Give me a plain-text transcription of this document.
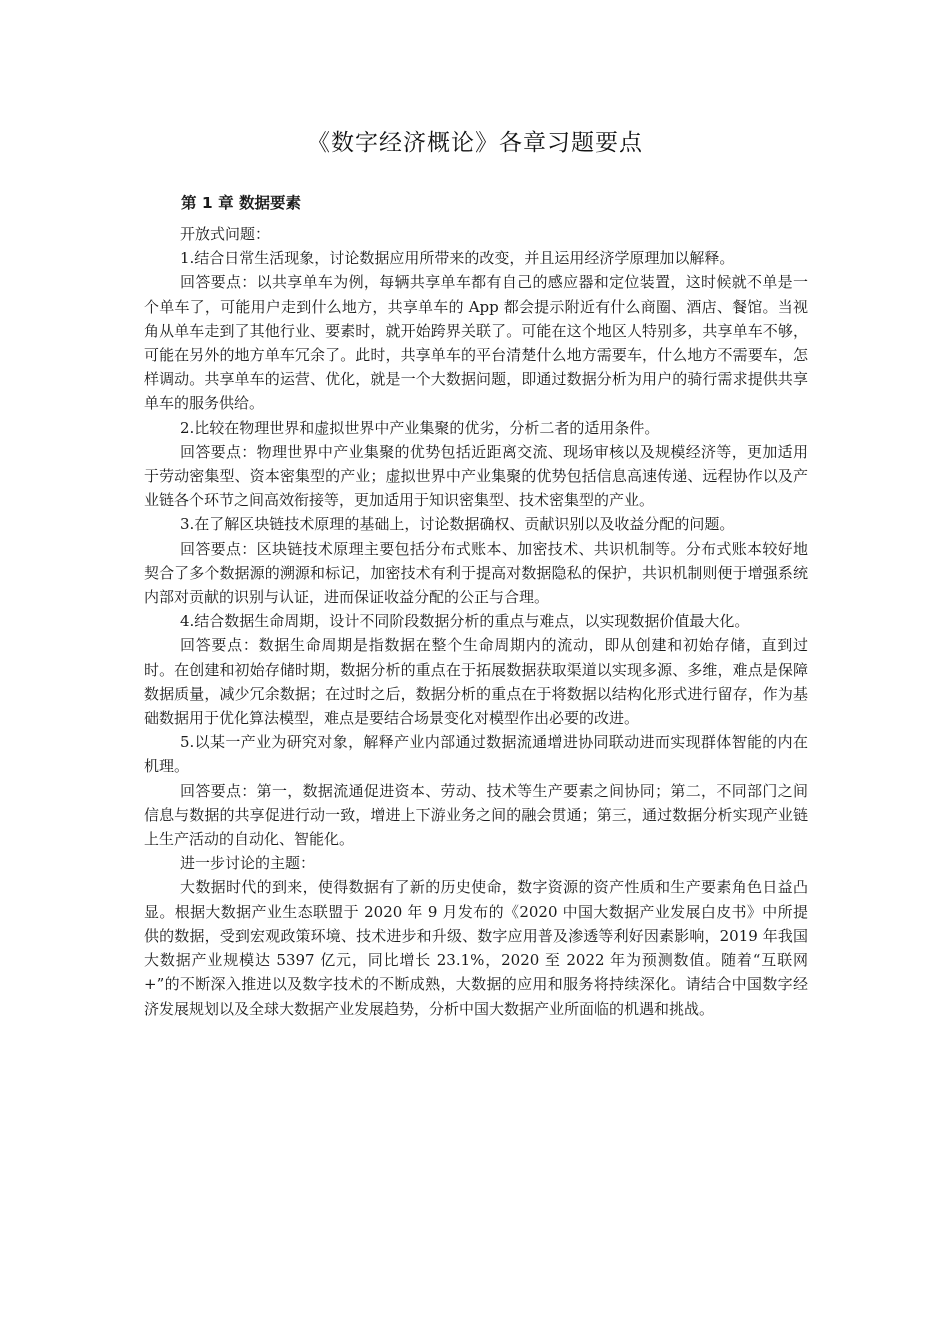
《数字经济概论》各章习题要点
第 1 章 数据要素

开放式问题：

1.结合日常生活现象，讨论数据应用所带来的改变，并且运用经济学原理加以解释。

回答要点：以共享单车为例，每辆共享单车都有自己的感应器和定位装置，这时候就不单是一个单车了，可能用户走到什么地方，共享单车的 App 都会提示附近有什么商圈、酒店、餐馆。当视角从单车走到了其他行业、要素时，就开始跨界关联了。可能在这个地区人特别多，共享单车不够，可能在另外的地方单车冗余了。此时，共享单车的平台清楚什么地方需要车，什么地方不需要车，怎样调动。共享单车的运营、优化，就是一个大数据问题，即通过数据分析为用户的骑行需求提供共享单车的服务供给。

2.比较在物理世界和虚拟世界中产业集聚的优劣，分析二者的适用条件。

回答要点：物理世界中产业集聚的优势包括近距离交流、现场审核以及规模经济等，更加适用于劳动密集型、资本密集型的产业；虚拟世界中产业集聚的优势包括信息高速传递、远程协作以及产业链各个环节之间高效衔接等，更加适用于知识密集型、技术密集型的产业。

3.在了解区块链技术原理的基础上，讨论数据确权、贡献识别以及收益分配的问题。

回答要点：区块链技术原理主要包括分布式账本、加密技术、共识机制等。分布式账本较好地契合了多个数据源的溯源和标记，加密技术有利于提高对数据隐私的保护，共识机制则便于增强系统内部对贡献的识别与认证，进而保证收益分配的公正与合理。

4.结合数据生命周期，设计不同阶段数据分析的重点与难点，以实现数据价值最大化。

回答要点：数据生命周期是指数据在整个生命周期内的流动，即从创建和初始存储，直到过时。在创建和初始存储时期，数据分析的重点在于拓展数据获取渠道以实现多源、多维，难点是保障数据质量，减少冗余数据；在过时之后，数据分析的重点在于将数据以结构化形式进行留存，作为基础数据用于优化算法模型，难点是要结合场景变化对模型作出必要的改进。

5.以某一产业为研究对象，解释产业内部通过数据流通增进协同联动进而实现群体智能的内在机理。

回答要点：第一，数据流通促进资本、劳动、技术等生产要素之间协同；第二，不同部门之间信息与数据的共享促进行动一致，增进上下游业务之间的融会贯通；第三，通过数据分析实现产业链上生产活动的自动化、智能化。

进一步讨论的主题：

大数据时代的到来，使得数据有了新的历史使命，数字资源的资产性质和生产要素角色日益凸显。根据大数据产业生态联盟于 2020 年 9 月发布的《2020 中国大数据产业发展白皮书》中所提供的数据，受到宏观政策环境、技术进步和升级、数字应用普及渗透等利好因素影响，2019 年我国大数据产业规模达 5397 亿元，同比增长 23.1%，2020 至 2022 年为预测数值。随着“互联网+”的不断深入推进以及数字技术的不断成熟，大数据的应用和服务将持续深化。请结合中国数字经济发展规划以及全球大数据产业发展趋势，分析中国大数据产业所面临的机遇和挑战。
